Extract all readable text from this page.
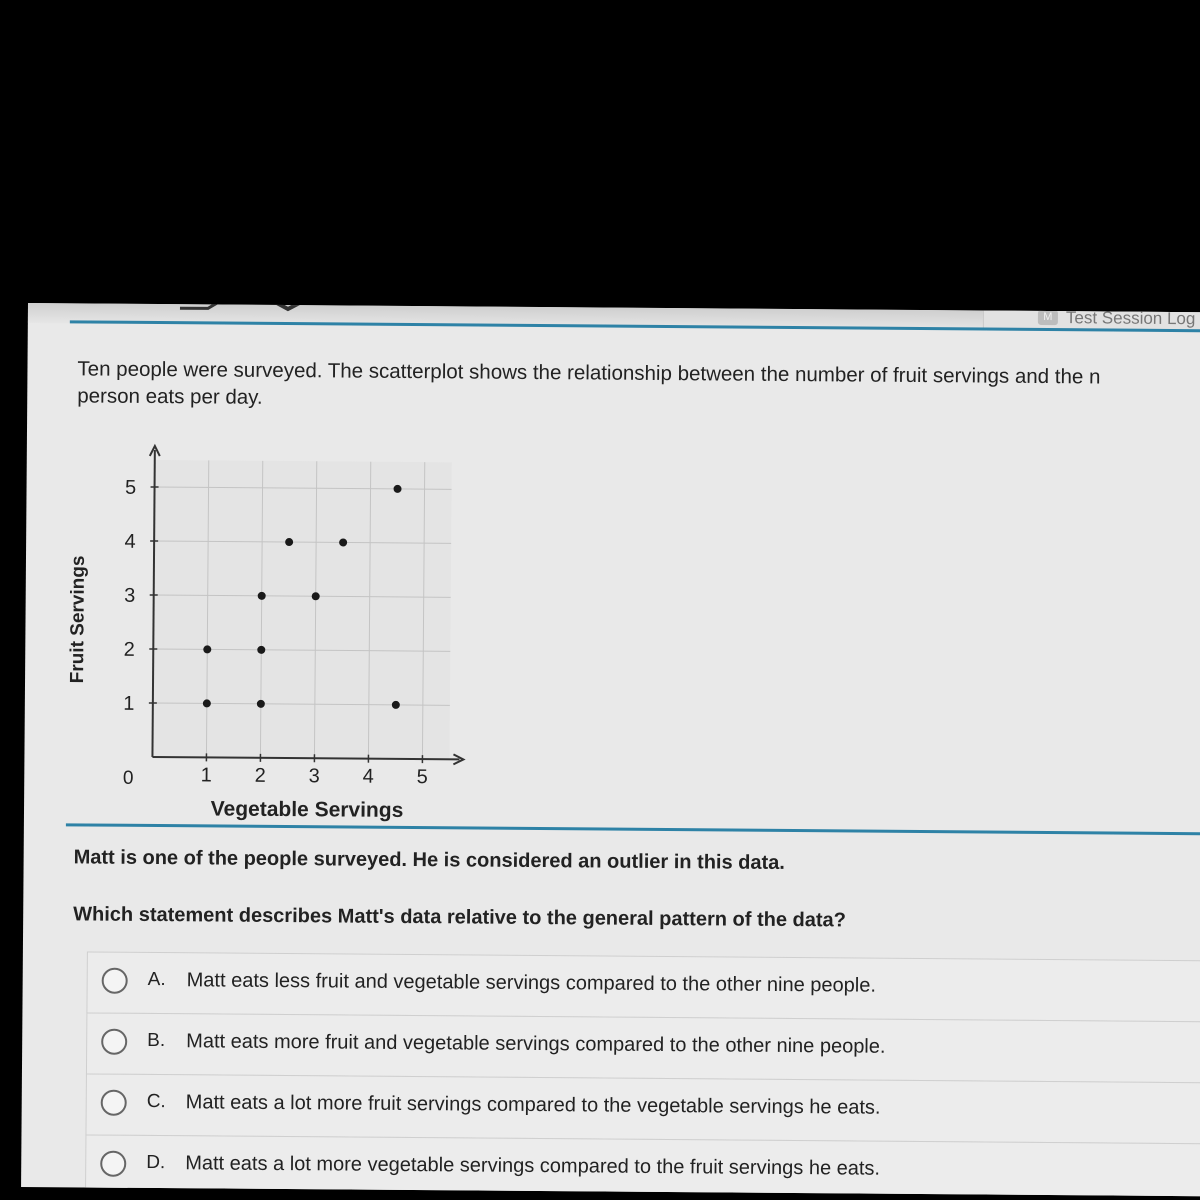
M Test Session Log
Ten people were surveyed. The scatterplot shows the relationship between the number of fruit servings and the n
person eats per day.
1 2 3 4 5
1
2
3
4
5
Fruit Servings
Vegetable Servings
0
Matt is one of the people surveyed. He is considered an outlier in this data.
Which statement describes Matt's data relative to the general pattern of the data?
A. Matt eats less fruit and vegetable servings compared to the other nine people.
B. Matt eats more fruit and vegetable servings compared to the other nine people.
C. Matt eats a lot more fruit servings compared to the vegetable servings he eats.
D. Matt eats a lot more vegetable servings compared to the fruit servings he eats.
